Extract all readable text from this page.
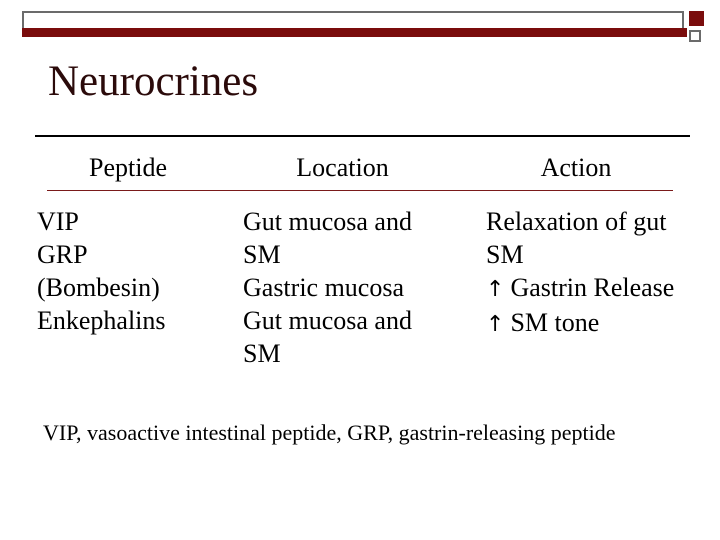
Neurocrines
Peptide	Location	Action
VIP
GRP
(Bombesin)
Enkephalins
Gut mucosa and
SM
Gastric mucosa
Gut mucosa and
SM
Relaxation of gut
SM
↑ Gastrin Release
↑ SM tone
VIP, vasoactive intestinal peptide, GRP, gastrin-releasing peptide
